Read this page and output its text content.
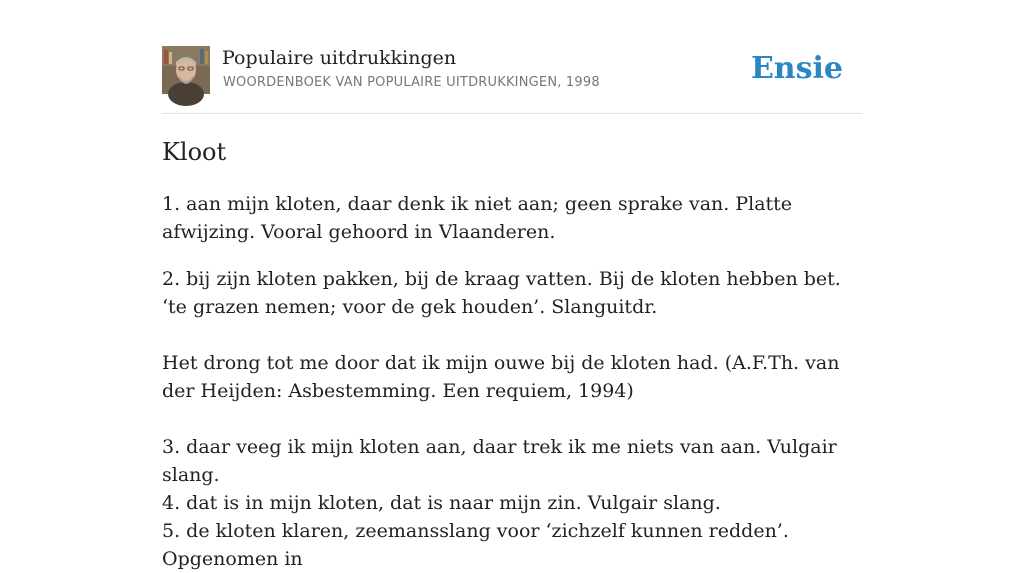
Populaire uitdrukkingen
WOORDENBOEK VAN POPULAIRE UITDRUKKINGEN, 1998	Ensie
Kloot

1. aan mijn kloten, daar denk ik niet aan; geen sprake van. Platte afwijzing. Vooral gehoord in Vlaanderen.

2. bij zijn kloten pakken, bij de kraag vatten. Bij de kloten hebben bet. ‘te grazen nemen; voor de gek houden’. Slanguitdr.

Het drong tot me door dat ik mijn ouwe bij de kloten had. (A.F.Th. van der Heijden: Asbestemming. Een requiem, 1994)

3. daar veeg ik mijn kloten aan, daar trek ik me niets van aan. Vulgair slang.

4. dat is in mijn kloten, dat is naar mijn zin. Vulgair slang.

5. de kloten klaren, zeemansslang voor ‘zichzelf kunnen redden’. Opgenomen in
